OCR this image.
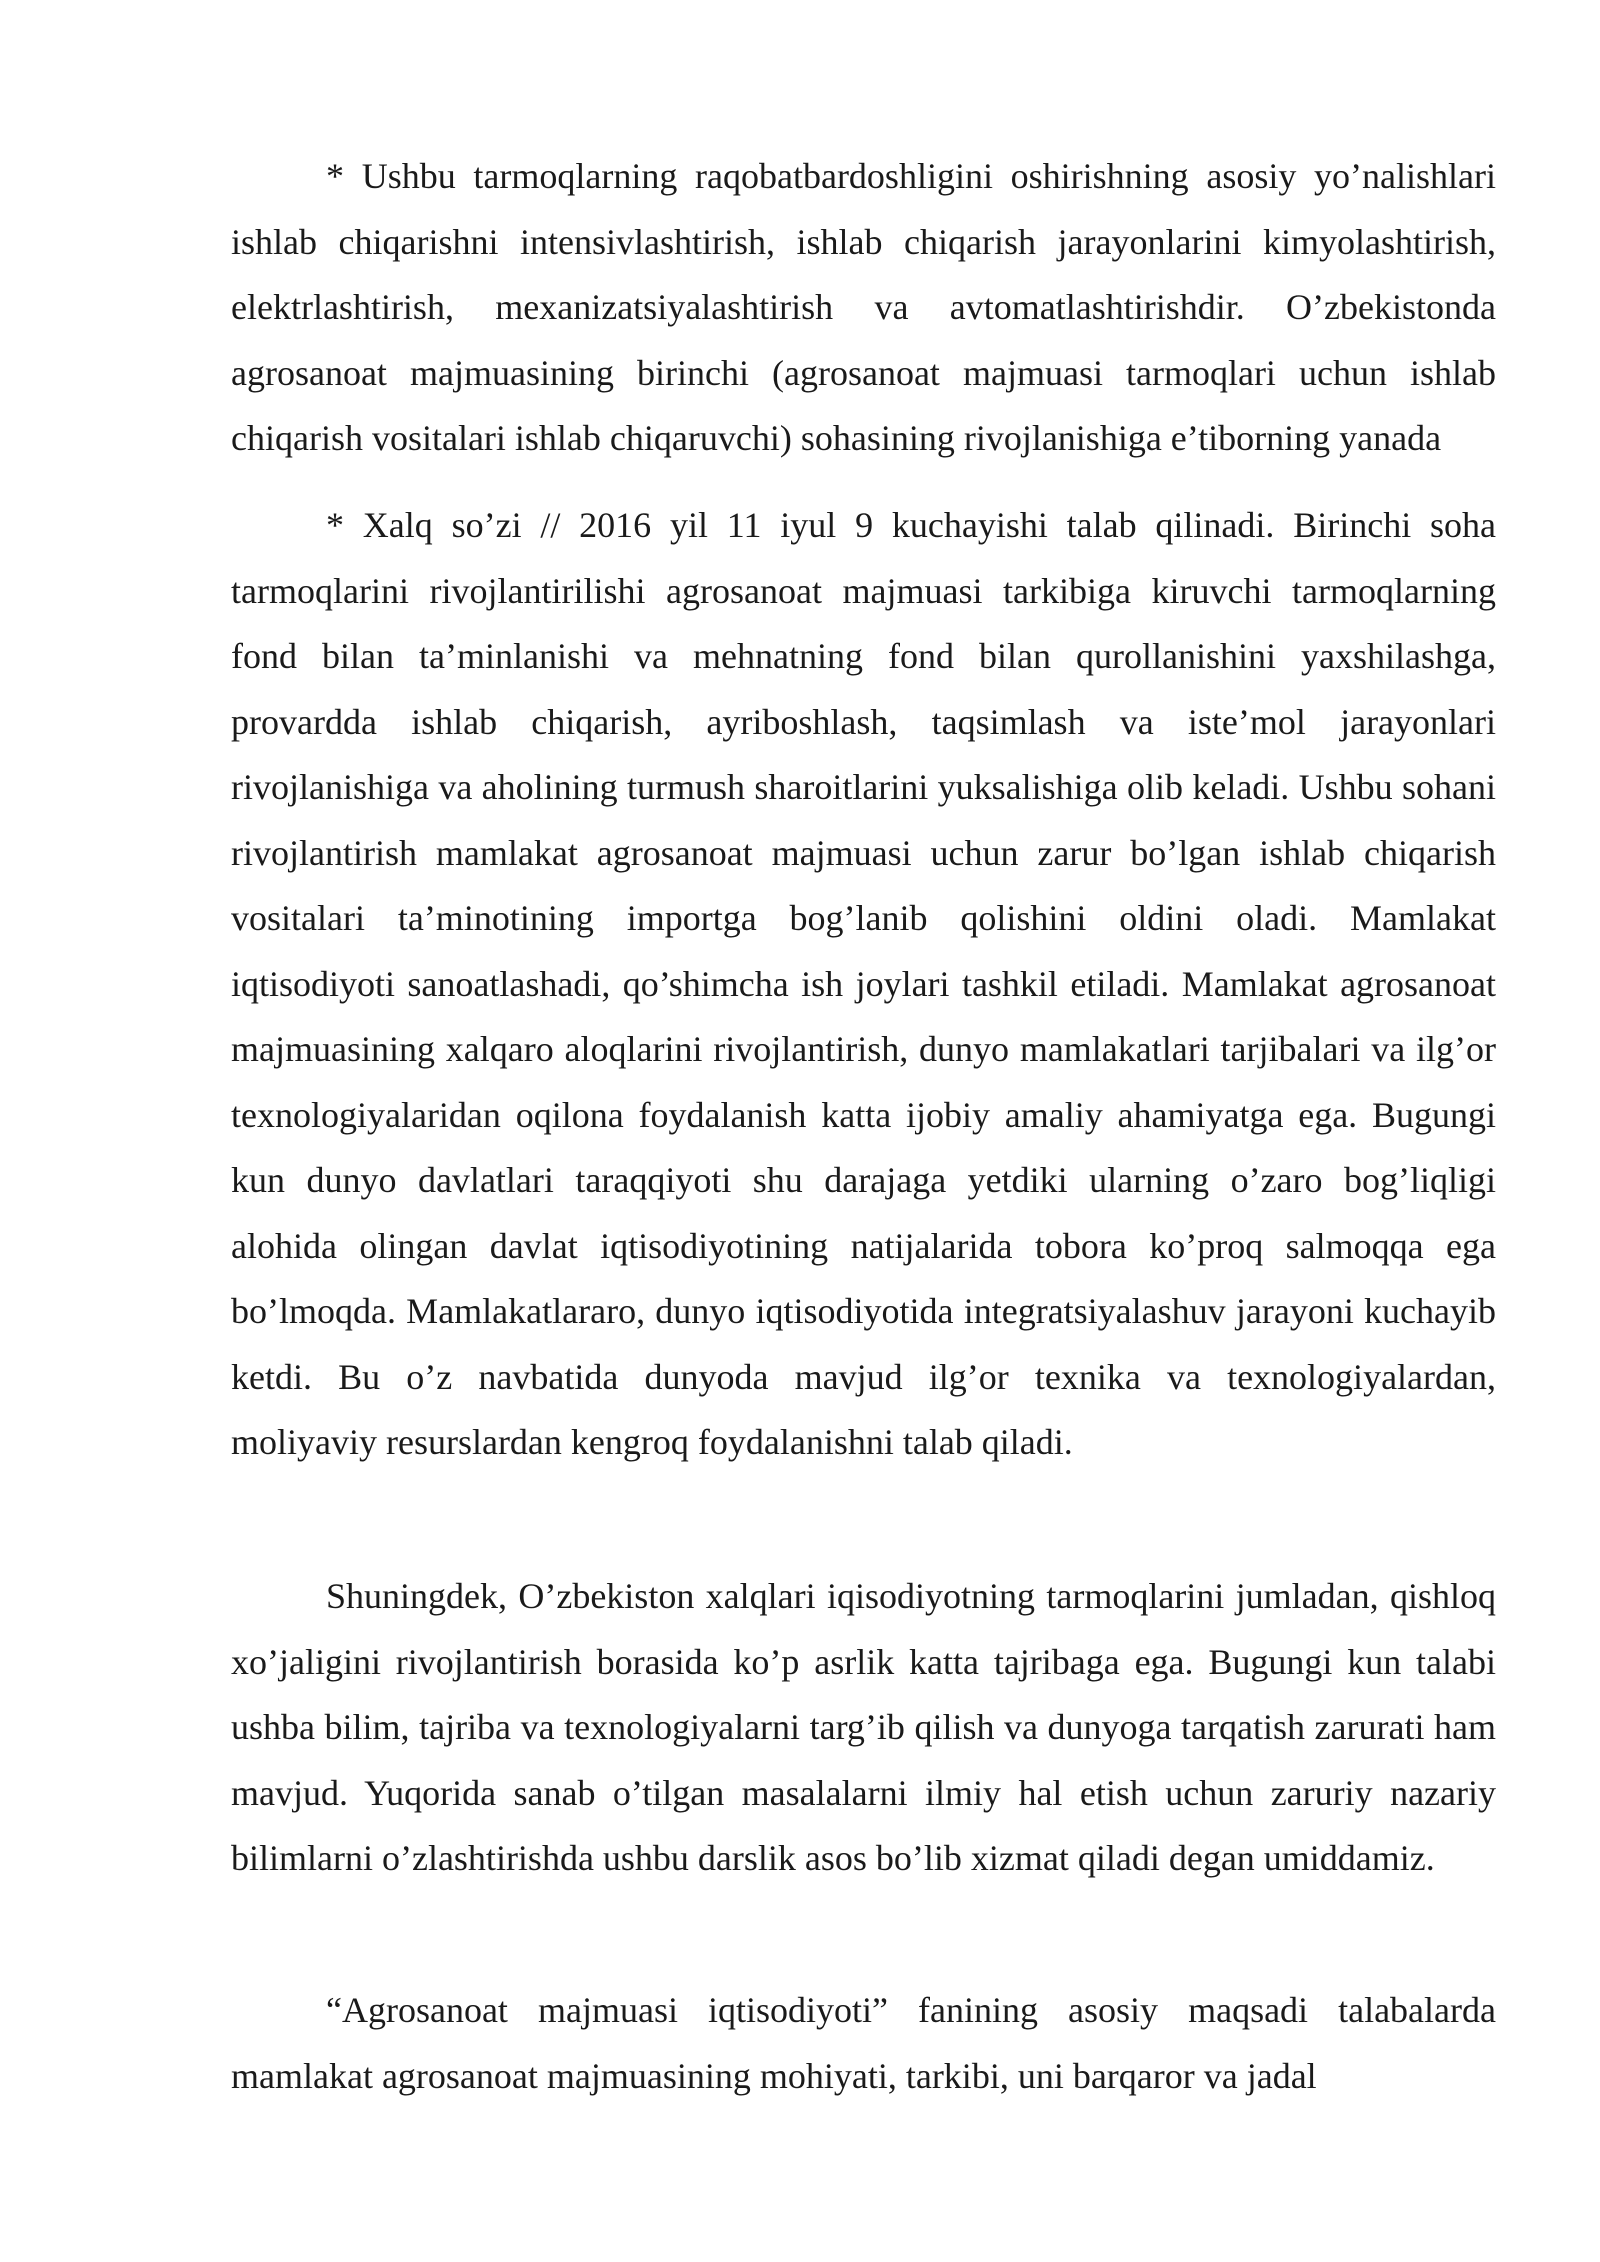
* Ushbu tarmoqlarning raqobatbardoshligini oshirishning asosiy yo’nalishlari ishlab chiqarishni intensivlashtirish, ishlab chiqarish jarayonlarini kimyolashtirish, elektrlashtirish, mexanizatsiyalashtirish va avtomatlashtirishdir. O’zbekistonda agrosanoat majmuasining birinchi (agrosanoat majmuasi tarmoqlari uchun ishlab chiqarish vositalari ishlab chiqaruvchi) sohasining rivojlanishiga e’tiborning yanada

* Xalq so’zi // 2016 yil 11 iyul 9 kuchayishi talab qilinadi. Birinchi soha tarmoqlarini rivojlantirilishi agrosanoat majmuasi tarkibiga kiruvchi tarmoqlarning fond bilan ta’minlanishi va mehnatning fond bilan qurollanishini yaxshilashga, provardda ishlab chiqarish, ayriboshlash, taqsimlash va iste’mol jarayonlari rivojlanishiga va aholining turmush sharoitlarini yuksalishiga olib keladi. Ushbu sohani rivojlantirish mamlakat agrosanoat majmuasi uchun zarur bo’lgan ishlab chiqarish vositalari ta’minotining importga bog’lanib qolishini oldini oladi. Mamlakat iqtisodiyoti sanoatlashadi, qo’shimcha ish joylari tashkil etiladi. Mamlakat agrosanoat majmuasining xalqaro aloqlarini rivojlantirish, dunyo mamlakatlari tarjibalari va ilg’or texnologiyalaridan oqilona foydalanish katta ijobiy amaliy ahamiyatga ega. Bugungi kun dunyo davlatlari taraqqiyoti shu darajaga yetdiki ularning o’zaro bog’liqligi alohida olingan davlat iqtisodiyotining natijalarida tobora ko’proq salmoqqa ega bo’lmoqda. Mamlakatlararo, dunyo iqtisodiyotida integratsiyalashuv jarayoni kuchayib ketdi. Bu o’z navbatida dunyoda mavjud ilg’or texnika va texnologiyalardan, moliyaviy resurslardan kengroq foydalanishni talab qiladi.

Shuningdek, O’zbekiston xalqlari iqisodiyotning tarmoqlarini jumladan, qishloq xo’jaligini rivojlantirish borasida ko’p asrlik katta tajribaga ega. Bugungi kun talabi ushba bilim, tajriba va texnologiyalarni targ’ib qilish va dunyoga tarqatish zarurati ham mavjud. Yuqorida sanab o’tilgan masalalarni ilmiy hal etish uchun zaruriy nazariy bilimlarni o’zlashtirishda ushbu darslik asos bo’lib xizmat qiladi degan umiddamiz.

“Agrosanoat majmuasi iqtisodiyoti” fanining asosiy maqsadi talabalarda mamlakat agrosanoat majmuasining mohiyati, tarkibi, uni barqaror va jadal
